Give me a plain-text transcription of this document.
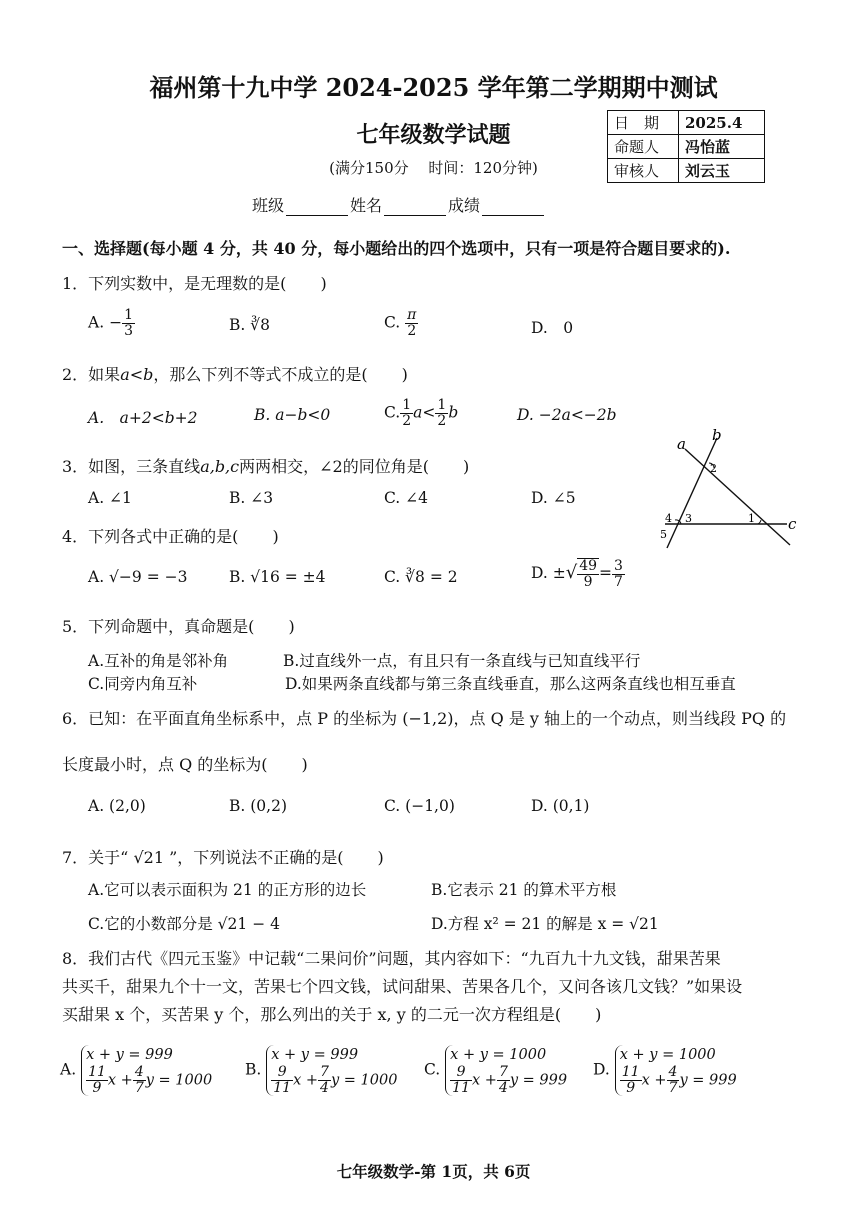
福州第十九中学 2024-2025 学年第二学期期中测试
七年级数学试题
(满分150分　 时间：120分钟)
日　期	2025.4
命题人	冯怡蓝
审核人	刘云玉
班级	姓名	成绩
一、选择题(每小题 4 分，共 40 分，每小题给出的四个选项中，只有一项是符合题目要求的).
1．下列实数中，是无理数的是( )
A. − $\frac{1}{3}$	B. ∛8	C. $\frac{\pi}{2}$	D.　0
2．如果a<b，那么下列不等式不成立的是( )
A.　a+2<b+2	B. a−b<0	C. $\frac{1}{2} a< \frac{1}{2}$ b	D. −2a<−2b
3．如图，三条直线a,b,c两两相交，∠2的同位角是( )
A. ∠1	B. ∠3	C. ∠4	D. ∠5
a b
c
2
3
4
5
1
4．下列各式中正确的是( )
A. √−9 = −3	B. √16 = ±4	C. ∛8 = 2	D. ±√ $\frac{49}{9} = \frac{3}{7}$
5．下列命题中，真命题是( )
A.互补的角是邻补角	B.过直线外一点，有且只有一条直线与已知直线平行
C.同旁内角互补	D.如果两条直线都与第三条直线垂直，那么这两条直线也相互垂直
6．已知：在平面直角坐标系中，点 P 的坐标为 (−1,2)，点 Q 是 y 轴上的一个动点，则当线段 PQ 的
长度最小时，点 Q 的坐标为( )
A. (2,0)	B. (0,2)	C. (−1,0)	D. (0,1)
7．关于“ √21 ”，下列说法不正确的是( )
A.它可以表示面积为 21 的正方形的边长	B.它表示 21 的算术平方根
C.它的小数部分是 √21 − 4	D.方程 x² = 21 的解是 x = √21
8．我们古代《四元玉鉴》中记载“二果问价”问题，其内容如下：“九百九十九文钱，甜果苦果
共买千，甜果九个十一文，苦果七个四文钱，试问甜果、苦果各几个，又问各该几文钱？”如果设
买甜果 x 个，买苦果 y 个，那么列出的关于 x, y 的二元一次方程组是( )
A.
x + y = 999
$\frac{11}{9}$ $x + \frac{4}{7}$ y = 1000
B.
x + y = 999
$\frac{9}{11}$ $x + \frac{7}{4}$ y = 1000
C.
x + y = 1000
$\frac{9}{11}$ $x + \frac{7}{4}$ y = 999
D.
x + y = 1000
$\frac{11}{9}$ $x + \frac{4}{7}$ y = 999
七年级数学-第 1页，共 6页
